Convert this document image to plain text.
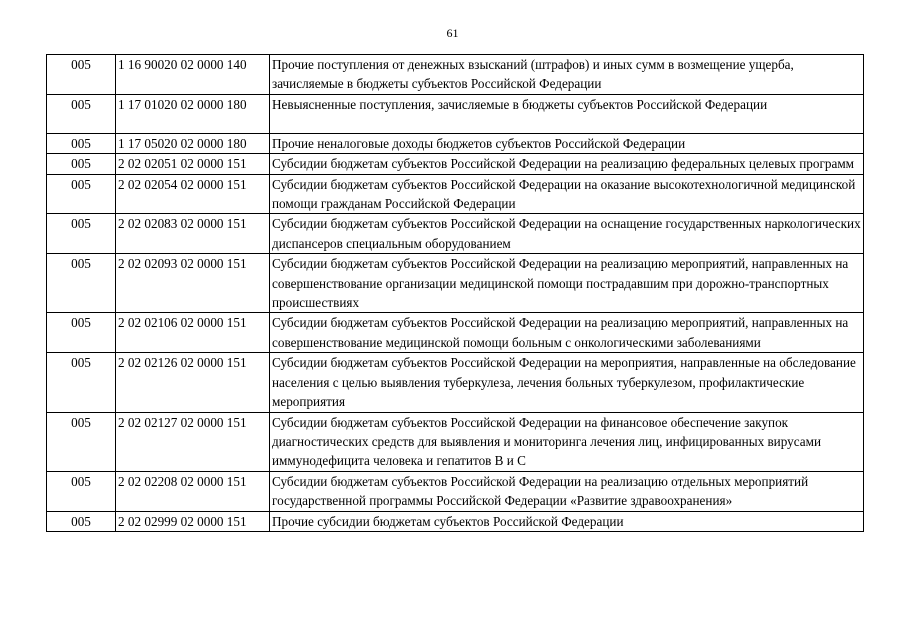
61
005	1 16 90020 02 0000 140	Прочие поступления от денежных взысканий (штрафов) и иных сумм в возмещение ущерба, зачисляемые в бюджеты субъектов Российской Федерации
005	1 17 01020 02 0000 180	Невыясненные поступления, зачисляемые в бюджеты субъектов Российской Федерации
005	1 17 05020 02 0000 180	Прочие неналоговые доходы бюджетов субъектов Российской Федерации
005	2 02 02051 02 0000 151	Субсидии бюджетам субъектов Российской Федерации на реализацию федеральных целевых программ
005	2 02 02054 02 0000 151	Субсидии бюджетам субъектов Российской Федерации на оказание высокотехнологичной медицинской помощи гражданам Российской Федерации
005	2 02 02083 02 0000 151	Субсидии бюджетам субъектов Российской Федерации на оснащение государственных наркологических диспансеров специальным оборудованием
005	2 02 02093 02 0000 151	Субсидии бюджетам субъектов Российской Федерации на реализацию мероприятий, направленных на совершенствование организации медицинской помощи пострадавшим при дорожно-транспортных происшествиях
005	2 02 02106 02 0000 151	Субсидии бюджетам субъектов Российской Федерации на реализацию мероприятий, направленных на совершенствование медицинской помощи больным с онкологическими заболеваниями
005	2 02 02126 02 0000 151	Субсидии бюджетам субъектов Российской Федерации на мероприятия, направленные на обследование населения с целью выявления туберкулеза, лечения больных туберкулезом, профилактические мероприятия
005	2 02 02127 02 0000 151	Субсидии бюджетам субъектов Российской Федерации на финансовое обеспечение закупок диагностических средств для выявления и мониторинга лечения лиц, инфицированных вирусами иммунодефицита человека и гепатитов В и С
005	2 02 02208 02 0000 151	Субсидии бюджетам субъектов Российской Федерации на реализацию отдельных мероприятий государственной программы Российской Федерации «Развитие здравоохранения»
005	2 02 02999 02 0000 151	Прочие субсидии бюджетам субъектов Российской Федерации
